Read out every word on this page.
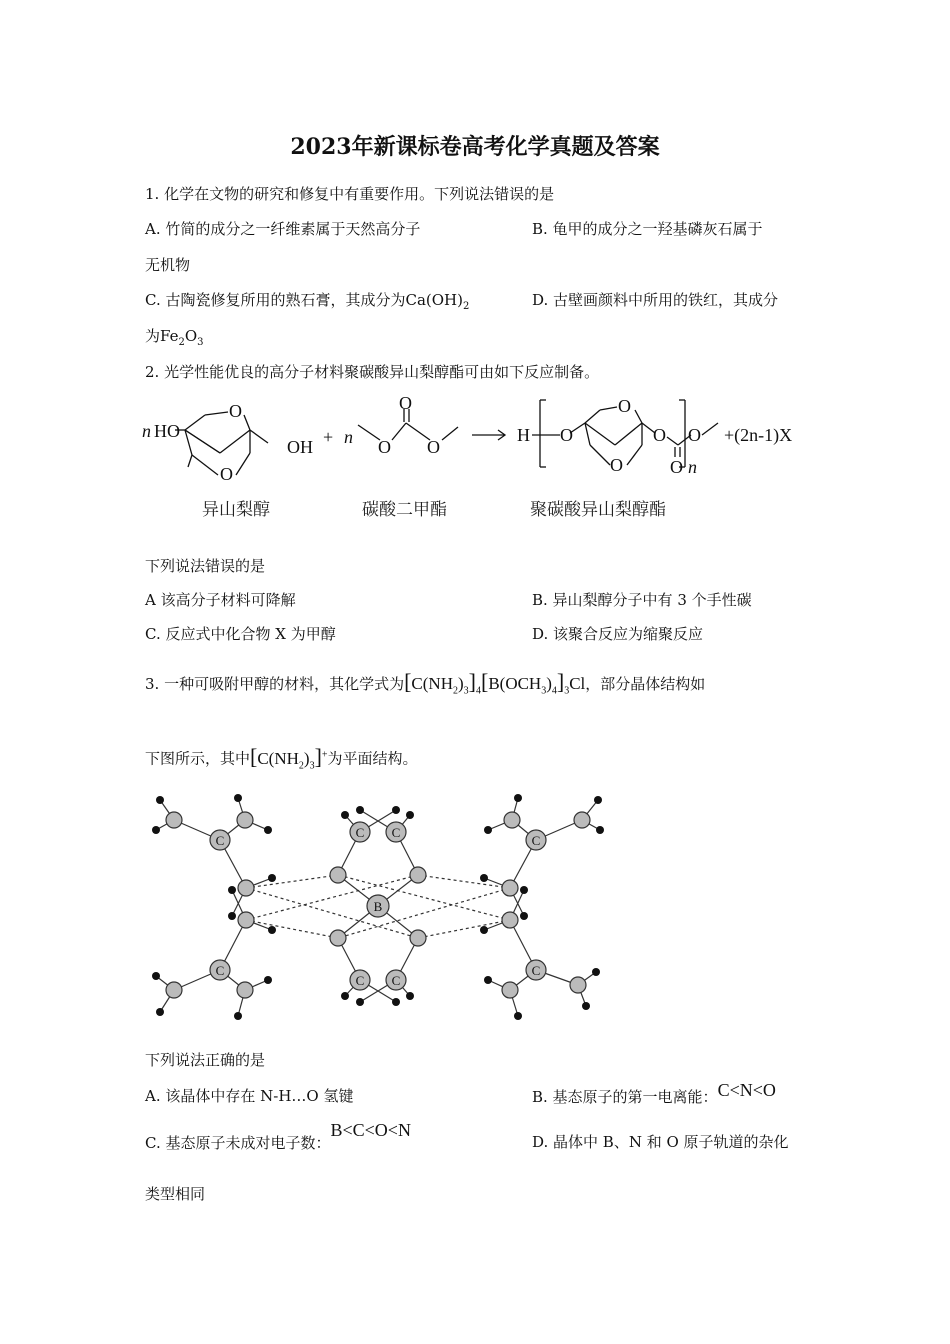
2023年新课标卷高考化学真题及答案
1. 化学在文物的研究和修复中有重要作用。下列说法错误的是
A. 竹简的成分之一纤维素属于天然高分子	B. 龟甲的成分之一羟基磷灰石属于
无机物
C. 古陶瓷修复所用的熟石膏，其成分为$Ca(OH)_2$	D. 古壁画颜料中所用的铁红，其成分
为$Fe_2O_3$
2. 光学性能优良的高分子材料聚碳酸异山梨醇酯可由如下反应制备。
n HO
O
O
OH + n
O
O O
H O
O
O
O
O n
O +(2n-1)X
异山梨醇	碳酸二甲酯	聚碳酸异山梨醇酯
下列说法错误的是
A 该高分子材料可降解	B. 异山梨醇分子中有 3 个手性碳
C. 反应式中化合物 X 为甲醇	D. 该聚合反应为缩聚反应
3. 一种可吸附甲醇的材料，其化学式为$[C(NH_2)_3]_4[B(OCH_3)_4]_3Cl$，部分晶体结构如
下图所示，其中$[C(NH_2)_3]^+$为平面结构。
C
C
C C
C C
C
C
B
下列说法正确的是
A. 该晶体中存在 N-H…O 氢键	B. 基态原子的第一电离能：C<N<O
C. 基态原子未成对电子数：B<C<O<N
D. 晶体中 B、N 和 O 原子轨道的杂化
类型相同
